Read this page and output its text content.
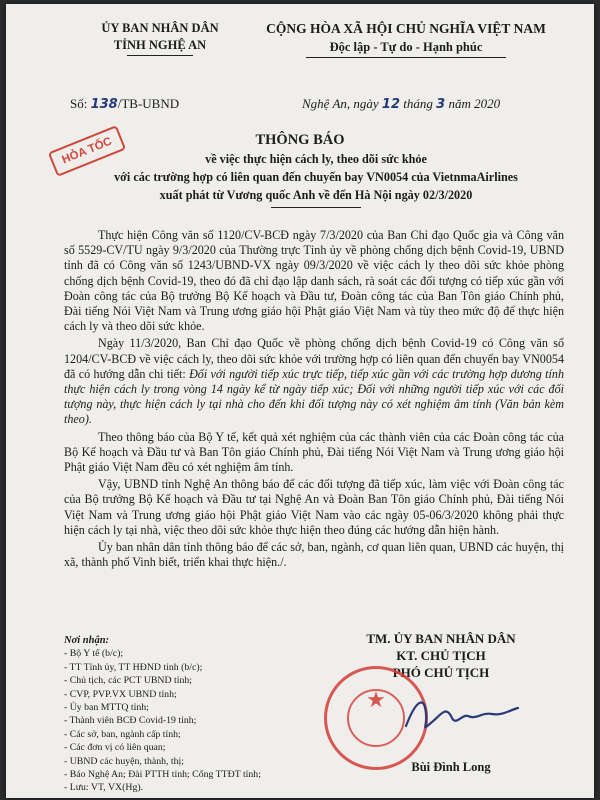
ỦY BAN NHÂN DÂN
TỈNH NGHỆ AN
CỘNG HÒA XÃ HỘI CHỦ NGHĨA VIỆT NAM
Độc lập - Tự do - Hạnh phúc
Số: 138/TB-UBND	Nghệ An, ngày 12 tháng 3 năm 2020
HỎA TỐC	THÔNG BÁO
về việc thực hiện cách ly, theo dõi sức khỏe
với các trường hợp có liên quan đến chuyến bay VN0054 của VietnmaAirlines
xuất phát từ Vương quốc Anh về đến Hà Nội ngày 02/3/2020

Thực hiện Công văn số 1120/CV-BCĐ ngày 7/3/2020 của Ban Chỉ đạo Quốc gia và Công văn số 5529-CV/TU ngày 9/3/2020 của Thường trực Tỉnh ủy về phòng chống dịch bệnh Covid-19, UBND tỉnh đã có Công văn số 1243/UBND-VX ngày 09/3/2020 về việc cách ly theo dõi sức khỏe phòng chống dịch bệnh Covid-19, theo đó đã chỉ đạo lập danh sách, rà soát các đối tượng có tiếp xúc gần với Đoàn công tác của Bộ trưởng Bộ Kế hoạch và Đầu tư, Đoàn công tác của Ban Tôn giáo Chính phủ, Đài tiếng Nói Việt Nam và Trung ương giáo hội Phật giáo Việt Nam và tùy theo mức độ để thực hiện cách ly và theo dõi sức khỏe.

Ngày 11/3/2020, Ban Chỉ đạo Quốc về phòng chống dịch bệnh Covid-19 có Công văn số 1204/CV-BCĐ về việc cách ly, theo dõi sức khỏe với trường hợp có liên quan đến chuyến bay VN0054 đã có hướng dẫn chi tiết: Đối với người tiếp xúc trực tiếp, tiếp xúc gần với các trường hợp dương tính thực hiện cách ly trong vòng 14 ngày kể từ ngày tiếp xúc; Đối với những người tiếp xúc với các đối tượng này, thực hiện cách ly tại nhà cho đến khi đối tượng này có xét nghiệm âm tính (Văn bản kèm theo).

Theo thông báo của Bộ Y tế, kết quả xét nghiệm của các thành viên của các Đoàn công tác của Bộ Kế hoạch và Đầu tư và Ban Tôn giáo Chính phủ, Đài tiếng Nói Việt Nam và Trung ương giáo hội Phật giáo Việt Nam đều có xét nghiệm âm tính.

Vậy, UBND tỉnh Nghệ An thông báo để các đối tượng đã tiếp xúc, làm việc với Đoàn công tác của Bộ trưởng Bộ Kế hoạch và Đầu tư tại Nghệ An và Đoàn Ban Tôn giáo Chính phủ, Đài tiếng Nói Việt Nam và Trung ương giáo hội Phật giáo Việt Nam vào các ngày 05-06/3/2020 không phải thực hiện cách ly tại nhà, việc theo dõi sức khỏe thực hiện theo đúng các hướng dẫn hiện hành.

Ủy ban nhân dân tỉnh thông báo để các sở, ban, ngành, cơ quan liên quan, UBND các huyện, thị xã, thành phố Vinh biết, triển khai thực hiện./.

Nơi nhận:
- Bộ Y tế (b/c);
- TT Tỉnh ủy, TT HĐND tỉnh (b/c);
- Chủ tịch, các PCT UBND tỉnh;
- CVP, PVP.VX UBND tỉnh;
- Ủy ban MTTQ tỉnh;
- Thành viên BCĐ Covid-19 tỉnh;
- Các sở, ban, ngành cấp tỉnh;
- Các đơn vị có liên quan;
- UBND các huyện, thành, thị;
- Báo Nghệ An; Đài PTTH tỉnh; Cổng TTĐT tỉnh;
- Lưu: VT, VX(Hg).
TM. ỦY BAN NHÂN DÂN
KT. CHỦ TỊCH
PHÓ CHỦ TỊCH
★
Bùi Đình Long
